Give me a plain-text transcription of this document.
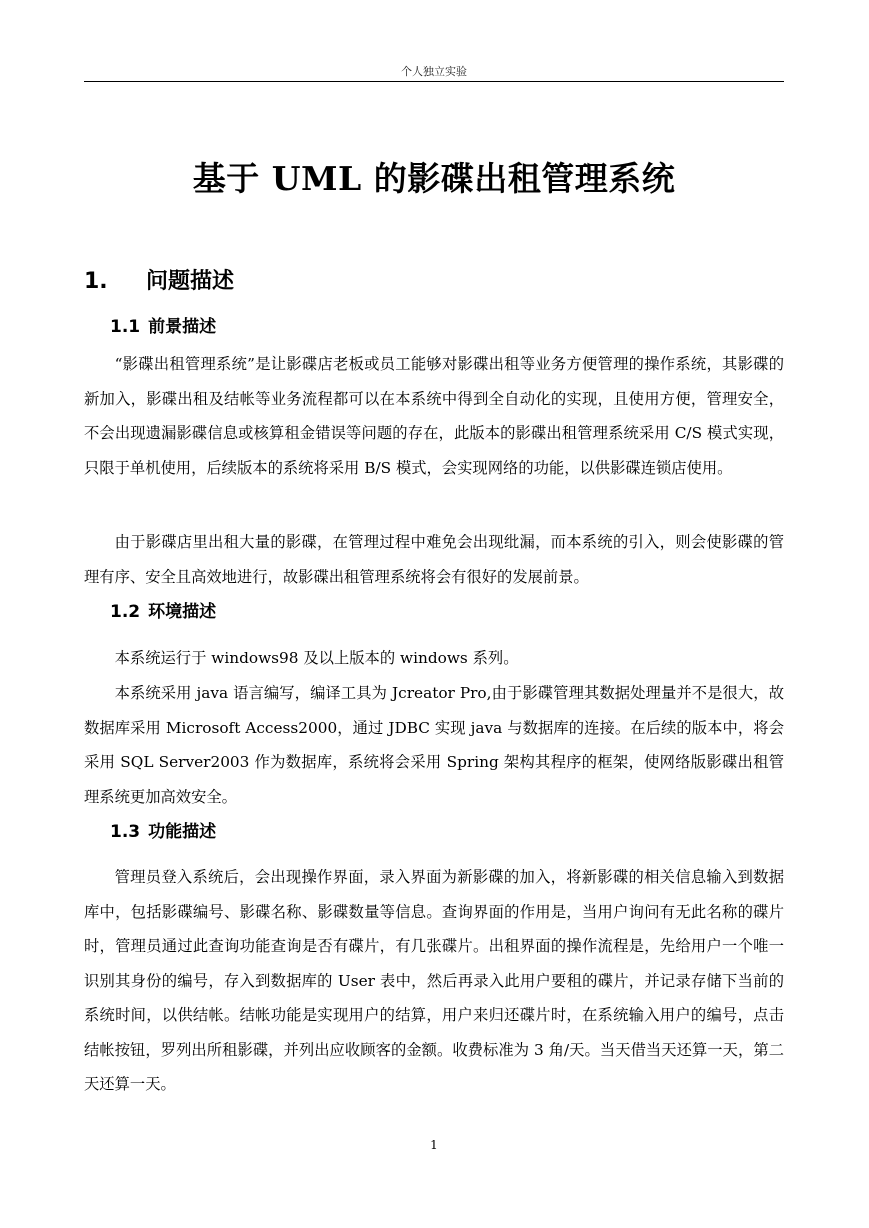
个人独立实验
基于 UML 的影碟出租管理系统
1. 问题描述
1.1 前景描述

“影碟出租管理系统”是让影碟店老板或员工能够对影碟出租等业务方便管理的操作系统，其影碟的新加入，影碟出租及结帐等业务流程都可以在本系统中得到全自动化的实现，且使用方便，管理安全，不会出现遗漏影碟信息或核算租金错误等问题的存在，此版本的影碟出租管理系统采用 C/S 模式实现，只限于单机使用，后续版本的系统将采用 B/S 模式，会实现网络的功能，以供影碟连锁店使用。

由于影碟店里出租大量的影碟，在管理过程中难免会出现纰漏，而本系统的引入，则会使影碟的管理有序、安全且高效地进行，故影碟出租管理系统将会有很好的发展前景。

1.2 环境描述

本系统运行于 windows98 及以上版本的 windows 系列。

本系统采用 java 语言编写，编译工具为 Jcreator Pro,由于影碟管理其数据处理量并不是很大，故数据库采用 Microsoft Access2000，通过 JDBC 实现 java 与数据库的连接。在后续的版本中，将会采用 SQL Server2003 作为数据库，系统将会采用 Spring 架构其程序的框架，使网络版影碟出租管理系统更加高效安全。

1.3 功能描述

管理员登入系统后，会出现操作界面，录入界面为新影碟的加入，将新影碟的相关信息输入到数据库中，包括影碟编号、影碟名称、影碟数量等信息。查询界面的作用是，当用户询问有无此名称的碟片时，管理员通过此查询功能查询是否有碟片，有几张碟片。出租界面的操作流程是，先给用户一个唯一识别其身份的编号，存入到数据库的 User 表中，然后再录入此用户要租的碟片，并记录存储下当前的系统时间，以供结帐。结帐功能是实现用户的结算，用户来归还碟片时，在系统输入用户的编号，点击结帐按钮，罗列出所租影碟，并列出应收顾客的金额。收费标准为 3 角/天。当天借当天还算一天，第二天还算一天。

1
